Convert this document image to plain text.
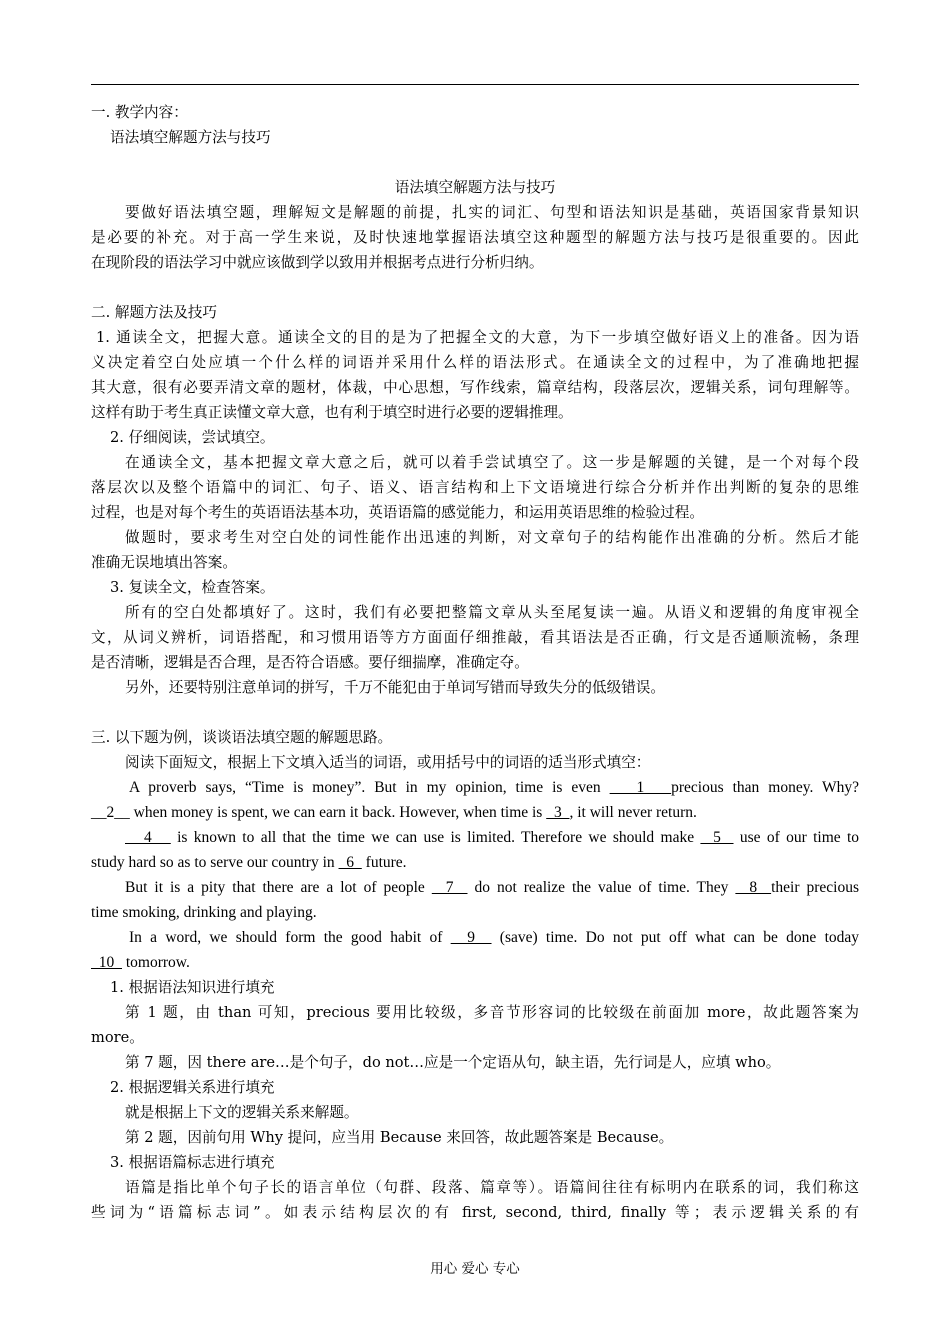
一. 教学内容：
语法填空解题方法与技巧
语法填空解题方法与技巧
要做好语法填空题，理解短文是解题的前提，扎实的词汇、句型和语法知识是基础，英语国家背景知识
是必要的补充。对于高一学生来说，及时快速地掌握语法填空这种题型的解题方法与技巧是很重要的。因此
在现阶段的语法学习中就应该做到学以致用并根据考点进行分析归纳。
二. 解题方法及技巧
1. 通读全文，把握大意。通读全文的目的是为了把握全文的大意，为下一步填空做好语义上的准备。因为语
义决定着空白处应填一个什么样的词语并采用什么样的语法形式。在通读全文的过程中，为了准确地把握
其大意，很有必要弄清文章的题材，体裁，中心思想，写作线索，篇章结构，段落层次，逻辑关系，词句理解等。
这样有助于考生真正读懂文章大意，也有利于填空时进行必要的逻辑推理。
2. 仔细阅读，尝试填空。
在通读全文，基本把握文章大意之后，就可以着手尝试填空了。这一步是解题的关键，是一个对每个段
落层次以及整个语篇中的词汇、句子、语义、语言结构和上下文语境进行综合分析并作出判断的复杂的思维
过程，也是对每个考生的英语语法基本功，英语语篇的感觉能力，和运用英语思维的检验过程。
做题时，要求考生对空白处的词性能作出迅速的判断，对文章句子的结构能作出准确的分析。然后才能
准确无误地填出答案。
3. 复读全文，检查答案。
所有的空白处都填好了。这时，我们有必要把整篇文章从头至尾复读一遍。从语义和逻辑的角度审视全
文，从词义辨析，词语搭配，和习惯用语等方方面面仔细推敲，看其语法是否正确，行文是否通顺流畅，条理
是否清晰，逻辑是否合理，是否符合语感。要仔细揣摩，准确定夺。
另外，还要特别注意单词的拼写，千万不能犯由于单词写错而导致失分的低级错误。
三. 以下题为例，谈谈语法填空题的解题思路。
阅读下面短文，根据上下文填入适当的词语，或用括号中的词语的适当形式填空：
A proverb says, “Time is money”. But in my opinion, time is even    1   precious than money. Why?
__2__ when money is spent, we can earn it back. However, when time is   3  , it will never return.
4    is known to all that the time we can use is limited. Therefore we should make   5   use of our time to
study hard so as to serve our country in   6   future.
But it is a pity that there are a lot of people   7   do not realize the value of time. They   8  their precious
time smoking, drinking and playing.
In a word, we should form the good habit of   9   (save) time. Do not put off what can be done today
10   tomorrow.
1. 根据语法知识进行填充
第 1 题，由 than 可知，precious 要用比较级，多音节形容词的比较级在前面加 more，故此题答案为
more。
第 7 题，因 there are…是个句子，do not…应是一个定语从句，缺主语，先行词是人，应填 who。
2. 根据逻辑关系进行填充
就是根据上下文的逻辑关系来解题。
第 2 题，因前句用 Why 提问，应当用 Because 来回答，故此题答案是 Because。
3. 根据语篇标志进行填充
语篇是指比单个句子长的语言单位（句群、段落、篇章等）。语篇间往往有标明内在联系的词，我们称这
些词为“语篇标志词”。如表示结构层次的有 first, second, third, finally 等；表示逻辑关系的有
用心 爱心 专心
